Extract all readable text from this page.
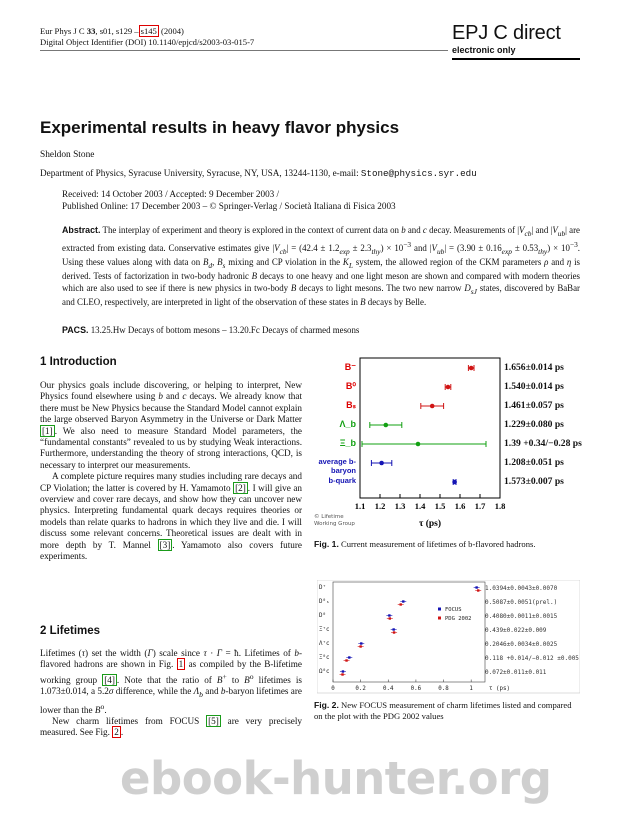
Eur Phys J C 33, s01, s129 – s145 (2004)
Digital Object Identifier (DOI) 10.1140/epjcd/s2003-03-015-7	EPJ C direct
electronic only
Experimental results in heavy flavor physics
Sheldon Stone
Department of Physics, Syracuse University, Syracuse, NY, USA, 13244-1130, e-mail: Stone@physics.syr.edu
Received: 14 October 2003 / Accepted: 9 December 2003 /
Published Online: 17 December 2003 – © Springer-Verlag / Società Italiana di Fisica 2003
Abstract. The interplay of experiment and theory is explored in the context of current data on b and c decay. Measurements of $|V_{cb}|$ and $|V_{ub}|$ are extracted from existing data. Conservative estimates give $|V_{cb}| = (42.4 \pm 1.2_{exp} \pm 2.3_{thy}) \times 10^{-3}$ and $|V_{ub}| = (3.90 \pm 0.16_{exp} \pm 0.53_{thy}) \times 10^{-3}$. Using these values along with data on $B_d$, $B_s$ mixing and CP violation in the $K_L$ system, the allowed region of the CKM parameters ρ and η is derived. Tests of factorization in two-body hadronic B decays to one heavy and one light meson are shown and compared with modern theories which are also used to see if there is new physics in two-body B decays to light mesons. The two new narrow $D_{sJ}$ states, discovered by BaBar and CLEO, respectively, are interpreted in light of the observation of these states in B decays by Belle.
PACS. 13.25.Hw Decays of bottom mesons – 13.20.Fc Decays of charmed mesons
1 Introduction

Our physics goals include discovering, or helping to interpret, New Physics found elsewhere using b and c decays. We already know that there must be New Physics because the Standard Model cannot explain the large observed Baryon Asymmetry in the Universe or Dark Matter [1] . We also need to measure Standard Model parameters, the “fundamental constants” revealed to us by studying Weak interactions. Furthermore, understanding the theory of strong interactions, QCD, is necessary to interpret our measurements.

A complete picture requires many studies including rare decays and CP Violation; the latter is covered by H. Yamamoto [2] . I will give an overview and cover rare decays, and show how they can uncover new physics. Interpreting fundamental quark decays requires theories or models than relate quarks to hadrons in which they live and die. I will discuss some relevant concerns. Theoretical issues are dealt with in more depth by T. Mannel [3] . Yamamoto also covers future experiments.

2 Lifetimes

Lifetimes (τ) set the width (Γ) scale since τ · Γ = ħ. Lifetimes of b-flavored hadrons are shown in Fig. 1 as compiled by the B-lifetime working group [4] . Note that the ratio of B+ to $B^o$ lifetimes is 1.073±0.014, a 5.2σ difference, while the $\Lambda_b$ and b-baryon lifetimes are lower than the $B^o$.

New charm lifetimes from FOCUS [5] are very precisely measured. See Fig. 2 .

1.1 1.2 1.3 1.4 1.5 1.6 1.7 1.8
τ (ps)
© Lifetime
Working Group
B⁻	1.656±0.014 ps
B⁰	1.540±0.014 ps
Bₛ	1.461±0.057 ps
Λ_b	1.229±0.080 ps
Ξ_b	1.39 +0.34/−0.28 ps
average b-baryon
1.208±0.051 ps
b-quark	1.573±0.007 ps
Fig. 1. Current measurement of lifetimes of b-flavored hadrons.
FOCUS
PDG 2002
0	0.2	0.4	0.6	0.8	1	τ (ps)
D⁺	1.0394±0.0043±0.0070
D⁰ₛ	0.5087±0.0051(prel.)
D⁰	0.4080±0.0011±0.0015
Ξ⁺c	0.439±0.022±0.009
Λ⁺c	0.2046±0.0034±0.0025
Ξ⁰c	0.118 +0.014/−0.012 ±0.005
Ω⁰c	0.072±0.011±0.011
Fig. 2. New FOCUS measurement of charm lifetimes listed and compared on the plot with the PDG 2002 values
ebook-hunter.org
